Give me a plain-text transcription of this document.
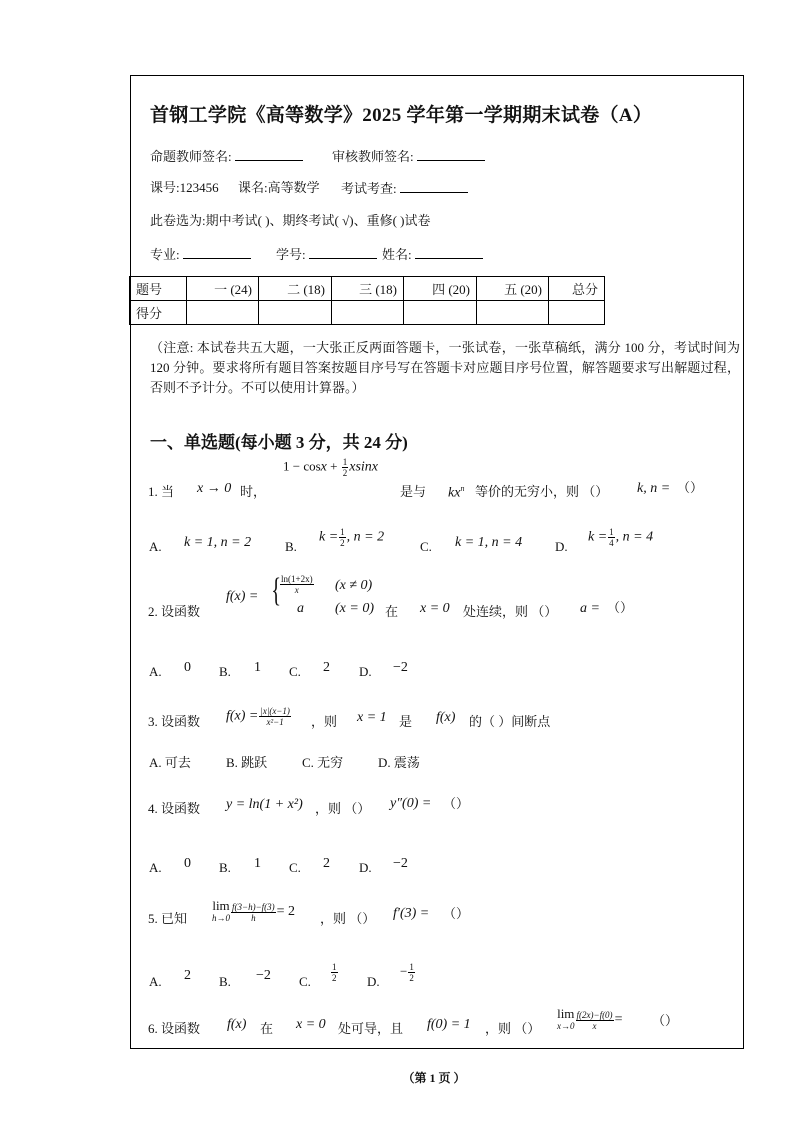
首钢工学院《高等数学》2025 学年第一学期期末试卷（A）
命题教师签名:	审核教师签名:
课号:123456 课名:高等数学 考试考查:
此卷选为:期中考试( )、期终考试( √)、重修( )试卷
专业:	学号:	姓名:
题号	一 (24)	二 (18)	三 (18)	四 (20)	五 (20)	总分
得分						
（注意: 本试卷共五大题，一大张正反两面答题卡，一张试卷，一张草稿纸，满分 100 分，考试时间为 120 分钟。要求将所有题目答案按题目序号写在答题卡对应题目序号位置，解答题要求写出解题过程，否则不予计分。不可以使用计算器。）
一、单选题(每小题 3 分，共 24 分)
1. 当 x → 0 时，
$1 - \cos x + \frac{1}{2}$ xsinx
是与 $kx^n$ 等价的无穷小，则 （） k, n = （）
A. k = 1, n = 2	B.
$k = \frac{1}{2}$ , n = 2
C. k = 1, n = 4	D.
$k = \frac{1}{4}$ , n = 4
2. 设函数
f(x) = {
$\frac{\ln(1+2x)}{x} (x \ne 0)$
a (x = 0) 在 x = 0 处连续，则 （） a = （）
A. 0 B. 1 C. 2 D. −2
3. 设函数 $f(x) = \frac{|x|(x-1)}{\text{x²−1}}$ ，则 x = 1 是 f(x) 的（ ）间断点
A. 可去	B. 跳跃	C. 无穷	D. 震荡
4. 设函数 y = ln(1 + x²) ，则 （） y″(0) = （）
A. 0 B. 1 C. 2 D. −2
5. 已知
lim
$h\to 0 \frac{f(3-h)-f(3)}{h} = 2$ ，则 （） f′(3) = （）
A. 2 B. −2 C. $\frac{1}{2} D$.
− $\frac{1}{2}$
6. 设函数 f(x) 在 x = 0 处可导，且 f(0) = 1 ，则 （）
lim
$x\to 0 \frac{f(2x)-f(0)}{x}$ = （）
（第 1 页 ）
